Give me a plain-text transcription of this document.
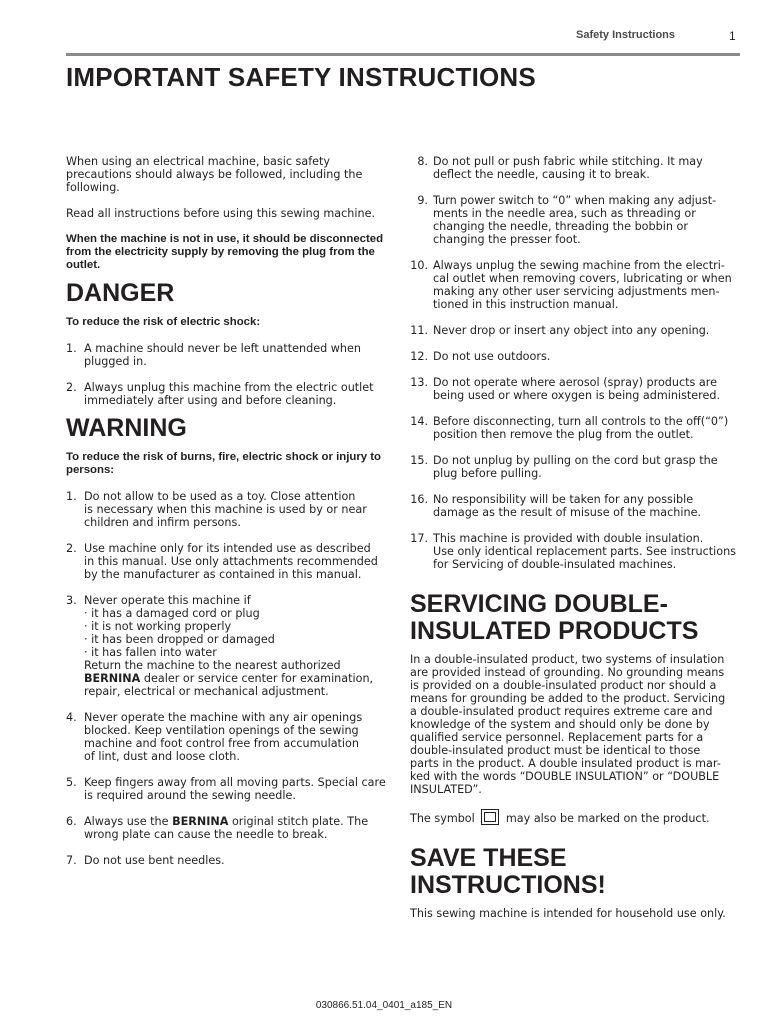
Safety Instructions	1
IMPORTANT SAFETY INSTRUCTIONS

When using an electrical machine, basic safety
precautions should always be followed, including the
following.

Read all instructions before using this sewing machine.

When the machine is not in use, it should be disconnected
from the electricity supply by removing the plug from the
outlet.

DANGER

To reduce the risk of electric shock:

1. A machine should never be left unattended when
plugged in.
2. Always unplug this machine from the electric outlet
immediately after using and before cleaning.
WARNING

To reduce the risk of burns, fire, electric shock or injury to
persons:

1. Do not allow to be used as a toy. Close attention
is necessary when this machine is used by or near
children and infirm persons.
2. Use machine only for its intended use as described
in this manual. Use only attachments recommended
by the manufacturer as contained in this manual.
3. Never operate this machine if
· it has a damaged cord or plug
· it is not working properly
· it has been dropped or damaged
· it has fallen into water
Return the machine to the nearest authorized
BERNINA dealer or service center for examination,
repair, electrical or mechanical adjustment.
4. Never operate the machine with any air openings
blocked. Keep ventilation openings of the sewing
machine and foot control free from accumulation
of lint, dust and loose cloth.
5. Keep fingers away from all moving parts. Special care
is required around the sewing needle.
6. Always use the BERNINA original stitch plate. The
wrong plate can cause the needle to break.
7. Do not use bent needles.
8. Do not pull or push fabric while stitching. It may
deflect the needle, causing it to break.
9. Turn power switch to “0” when making any adjust-
ments in the needle area, such as threading or
changing the needle, threading the bobbin or
changing the presser foot.
10. Always unplug the sewing machine from the electri-
cal outlet when removing covers, lubricating or when
making any other user servicing adjustments men-
tioned in this instruction manual.
11. Never drop or insert any object into any opening.
12. Do not use outdoors.
13. Do not operate where aerosol (spray) products are
being used or where oxygen is being administered.
14. Before disconnecting, turn all controls to the off(“0”)
position then remove the plug from the outlet.
15. Do not unplug by pulling on the cord but grasp the
plug before pulling.
16. No responsibility will be taken for any possible
damage as the result of misuse of the machine.
17. This machine is provided with double insulation.
Use only identical replacement parts. See instructions
for Servicing of double-insulated machines.
SERVICING DOUBLE-
INSULATED PRODUCTS

In a double-insulated product, two systems of insulation
are provided instead of grounding. No grounding means
is provided on a double-insulated product nor should a
means for grounding be added to the product. Servicing
a double-insulated product requires extreme care and
knowledge of the system and should only be done by
qualified service personnel. Replacement parts for a
double-insulated product must be identical to those
parts in the product. A double insulated product is mar-
ked with the words “DOUBLE INSULATION” or “DOUBLE
INSULATED”.

The symbol	may also be marked on the product.

SAVE THESE
INSTRUCTIONS!

This sewing machine is intended for household use only.

030866.51.04_0401_a185_EN
